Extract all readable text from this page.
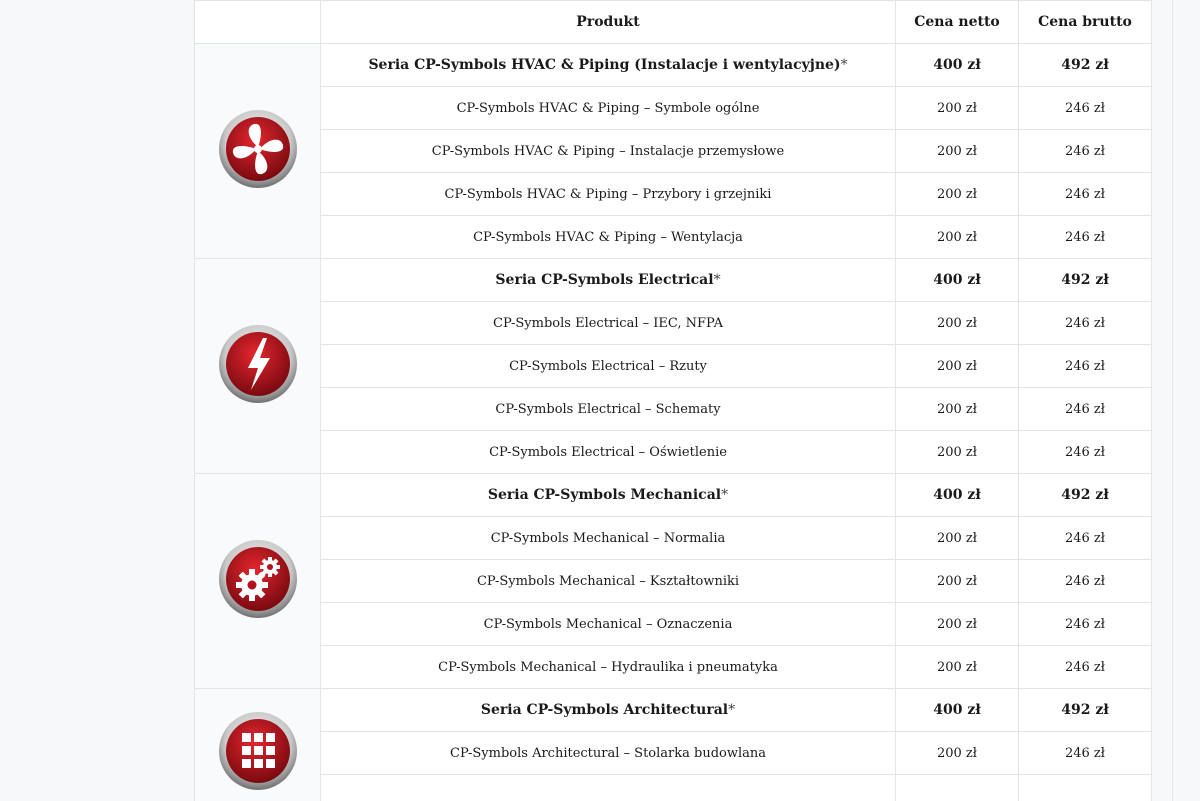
	Produkt	Cena netto	Cena brutto

	Seria CP-Symbols HVAC & Piping (Instalacje i wentylacyjne)*	400 zł	492 zł
	CP-Symbols HVAC & Piping – Symbole ogólne	200 zł	246 zł
	CP-Symbols HVAC & Piping – Instalacje przemysłowe	200 zł	246 zł
	CP-Symbols HVAC & Piping – Przybory i grzejniki	200 zł	246 zł
	CP-Symbols HVAC & Piping – Wentylacja	200 zł	246 zł

	Seria CP-Symbols Electrical*	400 zł	492 zł
	CP-Symbols Electrical – IEC, NFPA	200 zł	246 zł
	CP-Symbols Electrical – Rzuty	200 zł	246 zł
	CP-Symbols Electrical – Schematy	200 zł	246 zł
	CP-Symbols Electrical – Oświetlenie	200 zł	246 zł

	Seria CP-Symbols Mechanical*	400 zł	492 zł
	CP-Symbols Mechanical – Normalia	200 zł	246 zł
	CP-Symbols Mechanical – Kształtowniki	200 zł	246 zł
	CP-Symbols Mechanical – Oznaczenia	200 zł	246 zł
	CP-Symbols Mechanical – Hydraulika i pneumatyka	200 zł	246 zł

	Seria CP-Symbols Architectural*	400 zł	492 zł
	CP-Symbols Architectural – Stolarka budowlana	200 zł	246 zł
